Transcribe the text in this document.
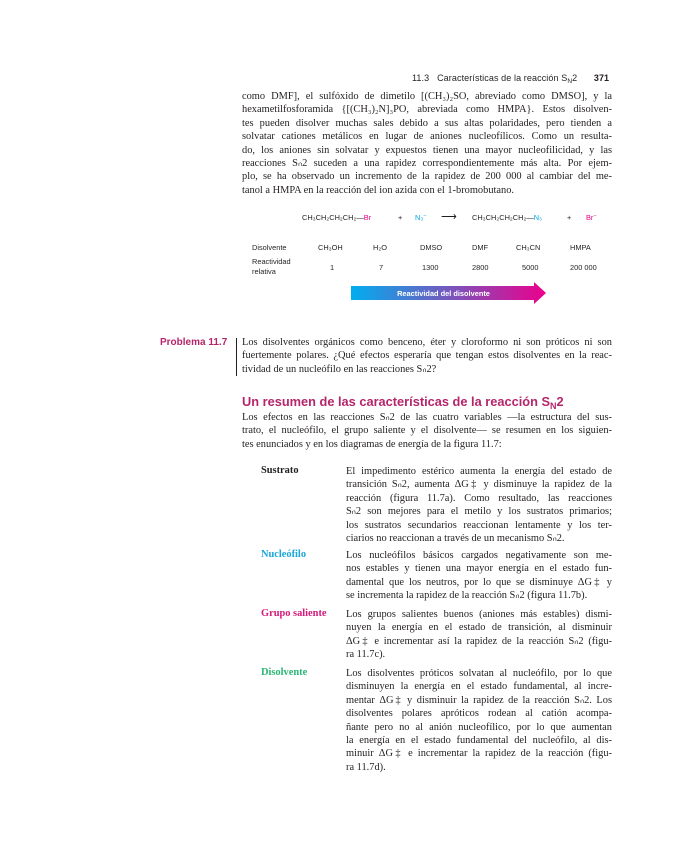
11.3 Características de la reacción $S_N2$ 371
como DMF], el sulfóxido de dimetilo [(CH₃)₂SO, abreviado como DMSO], y la
hexametilfosforamida {[(CH₃)₂N]₃PO, abreviada como HMPA}. Estos disolven-
tes pueden disolver muchas sales debido a sus altas polaridades, pero tienden a
solvatar cationes metálicos en lugar de aniones nucleofílicos. Como un resulta-
do, los aniones sin solvatar y expuestos tienen una mayor nucleofilicidad, y las
reacciones Sₙ2 suceden a una rapidez correspondientemente más alta. Por ejem-
plo, se ha observado un incremento de la rapidez de 200 000 al cambiar del me-
tanol a HMPA en la reacción del ion azida con el 1-bromobutano.
CH₃CH₂CH₂CH₂—Br	+ N₃− ⟶ CH₃CH₂CH₂CH₂—N₃	+ Br−
Disolvente	CH₃OH	H₂O	DMSO	DMF	CH₃CN	HMPA
Reactividad
relativa	1	7	1300	2800	5000	200 000
Reactividad del disolvente
Problema 11.7 Los disolventes orgánicos como benceno, éter y cloroformo ni son próticos ni son
fuertemente polares. ¿Qué efectos esperaría que tengan estos disolventes en la reac-
tividad de un nucleófilo en las reacciones Sₙ2?
Un resumen de las características de la reacción $S_N2$
Los efectos en las reacciones Sₙ2 de las cuatro variables —la estructura del sus-
trato, el nucleófilo, el grupo saliente y el disolvente— se resumen en los siguien-
tes enunciados y en los diagramas de energía de la figura 11.7:
Sustrato	El impedimento estérico aumenta la energía del estado de
transición Sₙ2, aumenta ΔG‡ y disminuye la rapidez de la
reacción (figura 11.7a). Como resultado, las reacciones
Sₙ2 son mejores para el metilo y los sustratos primarios;
los sustratos secundarios reaccionan lentamente y los ter-
ciarios no reaccionan a través de un mecanismo Sₙ2.
Nucleófilo	Los nucleófilos básicos cargados negativamente son me-
nos estables y tienen una mayor energía en el estado fun-
damental que los neutros, por lo que se disminuye ΔG‡ y
se incrementa la rapidez de la reacción Sₙ2 (figura 11.7b).
Grupo saliente Los grupos salientes buenos (aniones más estables) dismi-
nuyen la energía en el estado de transición, al disminuir
ΔG‡ e incrementar así la rapidez de la reacción Sₙ2 (figu-
ra 11.7c).
Disolvente	Los disolventes próticos solvatan al nucleófilo, por lo que
disminuyen la energía en el estado fundamental, al incre-
mentar ΔG‡ y disminuir la rapidez de la reacción Sₙ2. Los
disolventes polares apróticos rodean al catión acompa-
ñante pero no al anión nucleofílico, por lo que aumentan
la energía en el estado fundamental del nucleófilo, al dis-
minuir ΔG‡ e incrementar la rapidez de la reacción (figu-
ra 11.7d).
